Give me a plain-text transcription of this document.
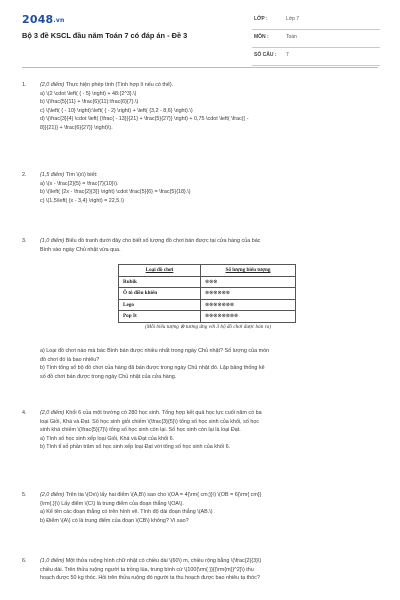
2048.vn
Bộ 3 đề KSCL đầu năm Toán 7 có đáp án - Đề 3
LỚP :	Lớp 7
MÔN :	Toán
SỐ CÂU : 7
1.	(2,0 điểm) Thực hiện phép tính (Tính hợp lí nếu có thể).

a) \(2 \cdot \left( { - 5} \right) + 48:{2^3}.\)

b) \(\frac{5}{11} + \frac{6}{11}:\frac{6}{7}.\)

c) \(\left( { - 10} \right):\left( { - 2} \right) + \left( {3,2 - 8,6} \right).\)

d) \(\frac{3}{4} \cdot \left( {\frac{ - 13}}{21} + \frac{5}{27}} \right) + 0,75 \cdot \left( \frac{( -

8}}{21}} + \frac{6}{27}} \right)\).

2.	(1,5 điểm) Tìm \(x\) biết:

a) \(x - \frac{2}{5} = \frac{7}{10}\).

b) \(\left( {2x - \frac{2}{3}} \right) \cdot \frac{5}{6} = \frac{5}{18}.\)

c) \(1,5\left( {x - 3,4} \right) = 22,5.\)

3.	(1,0 điểm) Biểu đồ tranh dưới đây cho biết số lượng đồ chơi bán được tại cửa hàng của bác

Bình vào ngày Chủ nhật vừa qua.

Loại đồ chơi	Số lượng biểu tượng
Rubik	⊗⊗⊗
Ô tô điều khiển	⊗⊗⊗⊗⊗⊗
Lego	⊗⊗⊗⊗⊗⊗⊗
Pop It	⊗⊗⊗⊗⊗⊗⊗⊗
(Mỗi biểu tượng ⊗ tương ứng với 3 bộ đồ chơi được bán ra)

a) Loại đồ chơi nào mà bác Bình bán được nhiều nhất trong ngày Chủ nhật? Số lượng của món

đồ chơi đó là bao nhiêu?

b) Tính tổng số bộ đồ chơi của hàng đã bán được trong ngày Chủ nhật đó. Lập bảng thống kê

số đồ chơi bán được trong ngày Chủ nhật của cửa hàng.

4.	(2,0 điểm) Khối 6 của một trường có 280 học sinh. Tổng hợp kết quả học lực cuối năm có ba

loại Giỏi, Khá và Đạt. Số học sinh giỏi chiếm \(\frac{3}{5}\) tổng số học sinh của khối, số học

sinh khá chiếm \(\frac{5}{7}\) tổng số học sinh còn lại. Số học sinh còn lại là loại Đạt.

a) Tính số học sinh xếp loại Giỏi, Khá và Đạt của khối 6.

b) Tính tỉ số phần trăm số học sinh xếp loại Đạt với tổng số học sinh của khối 6.

5.	(2,0 điểm) Trên tia \(Ox\) lấy hai điểm \(A,B\) sao cho \(OA = 4{\rm{ cm;}}\) \(OB = 6{\rm{ cm}}

{\rm{.}}\) Lấy điểm \(C\) là trung điểm của đoạn thẳng \(OA\).

a) Kể tên các đoạn thẳng có trên hình vẽ. Tính độ dài đoạn thẳng \(AB.\)

b) Điểm \(A\) có là trung điểm của đoạn \(CB\) không? Vì sao?

6.	(1,0 điểm) Một thửa ruộng hình chữ nhật có chiều dài \(60\) m, chiều rộng bằng \(\frac{2}{3}\)

chiều dài. Trên thửa ruộng người ta trồng lúa, trung bình cứ \(100{\rm{ }}{{\rm{m}}^2}\) thu

hoạch được 50 kg thóc. Hỏi trên thửa ruộng đó người ta thu hoạch được bao nhiêu tạ thóc?
